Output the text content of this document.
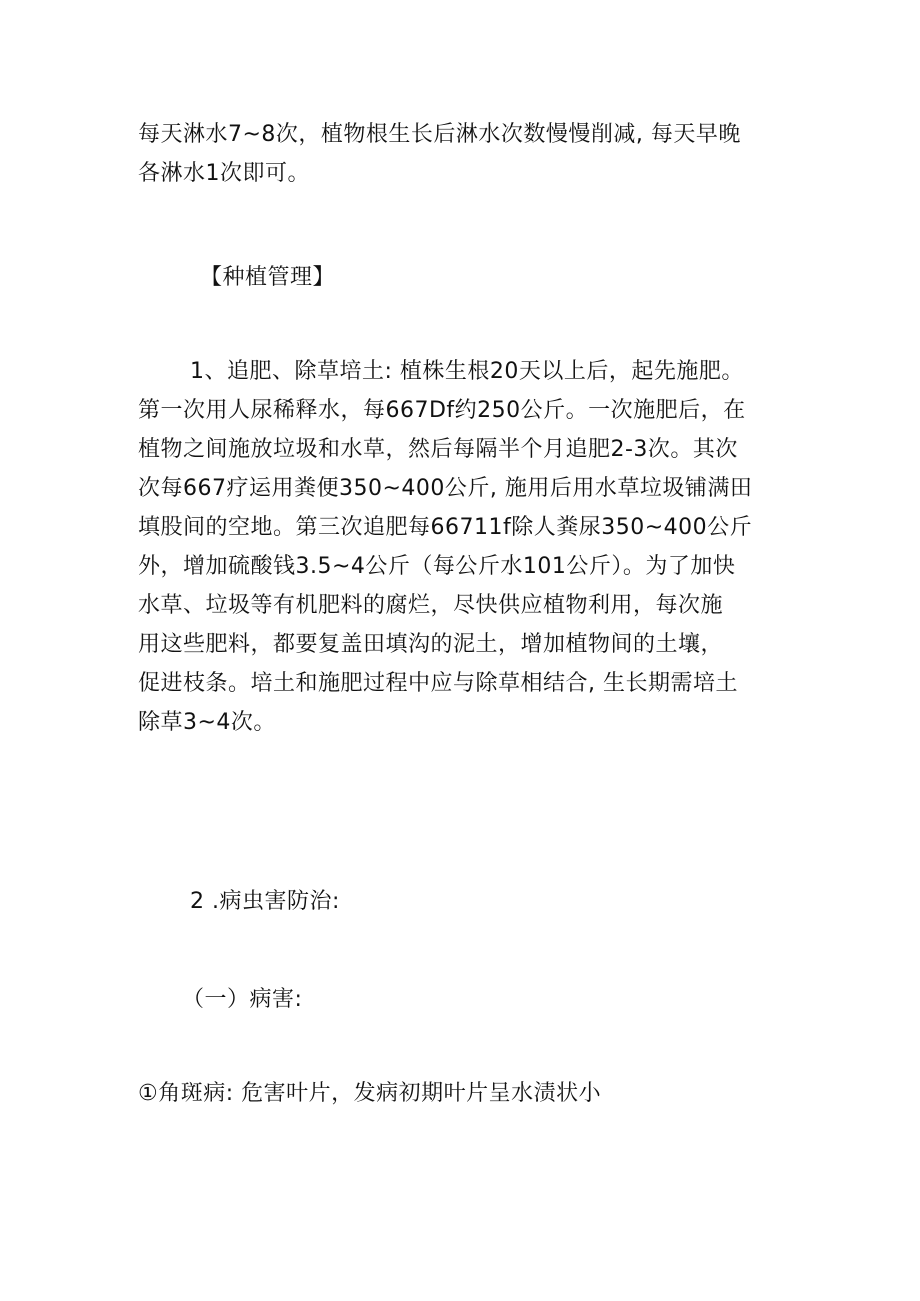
每天淋水7~8次，植物根生长后淋水次数慢慢削减, 每天早晚
各淋水1次即可。
【种植管理】
1、追肥、除草培土: 植株生根20天以上后，起先施肥。
第一次用人尿稀释水，每667Df约250公斤。一次施肥后，在
植物之间施放垃圾和水草，然后每隔半个月追肥2-3次。其次
次每667疗运用粪便350~400公斤, 施用后用水草垃圾铺满田
填股间的空地。第三次追肥每66711f除人粪尿350~400公斤
外，增加硫酸钱3.5~4公斤（每公斤水101公斤）。为了加快
水草、垃圾等有机肥料的腐烂，尽快供应植物利用，每次施
用这些肥料，都要复盖田填沟的泥土，增加植物间的土壤，
促进枝条。培土和施肥过程中应与除草相结合, 生长期需培土
除草3~4次。
2 .病虫害防治:
（一）病害:
①角斑病: 危害叶片，发病初期叶片呈水渍状小
